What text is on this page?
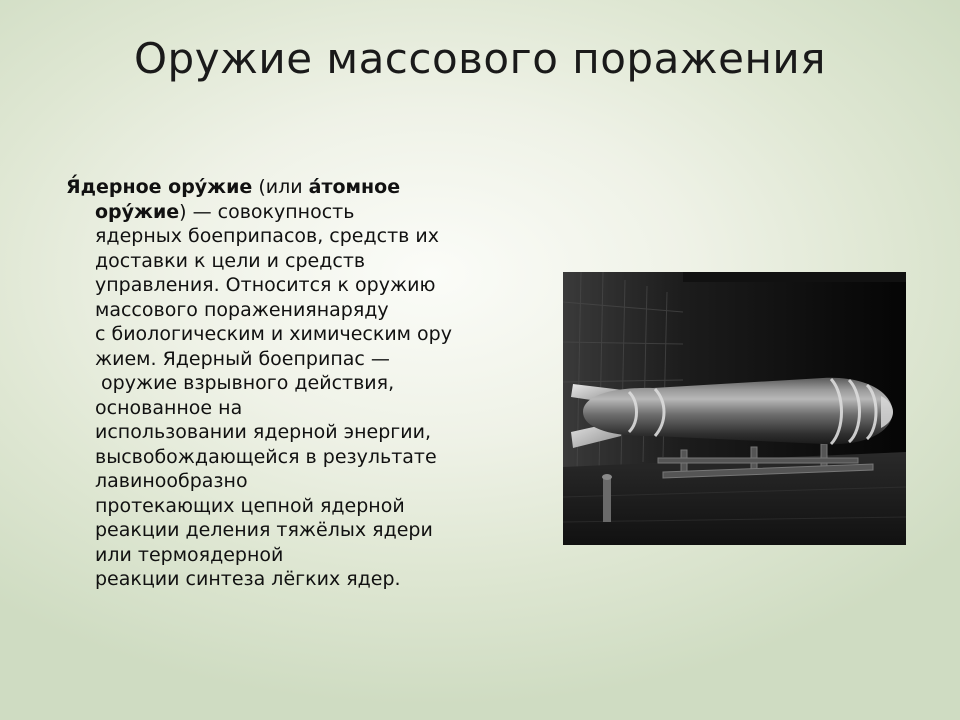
Оружие массового поражения
Я́дерное ору́жие (или а́томное
ору́жие) — совокупность
ядерных боеприпасов, средств их
доставки к цели и средств
управления. Относится к оружию
массового поражениянаряду
с биологическим и химическим ору
жием. Ядерный боеприпас —
оружие взрывного действия,
основанное на
использовании ядерной энергии,
высвобождающейся в результате
лавинообразно
протекающих цепной ядерной
реакции деления тяжёлых ядери
или термоядерной
реакции синтеза лёгких ядер.
